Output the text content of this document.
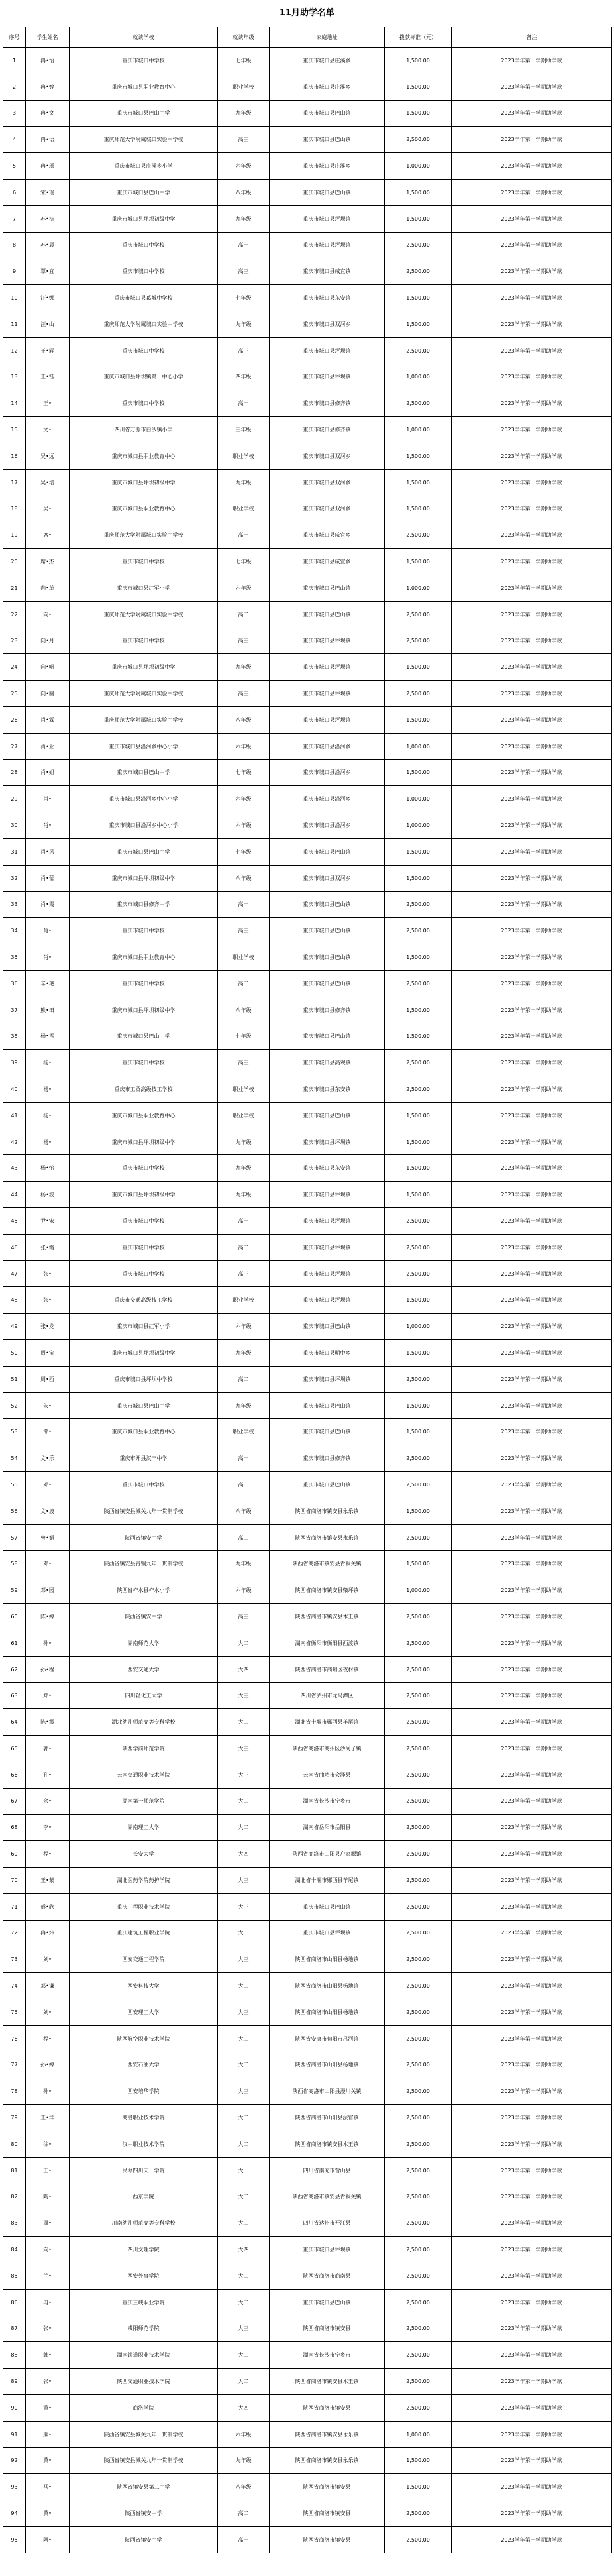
11月助学名单
序号	学生姓名	就读学校	就读年级	家庭地址	拨款标准（元）	备注
1	冉•怡	重庆市城口中学校	七年级	重庆市城口县庄溪乡	1,500.00	2023学年第一学期助学款
2	冉•婷	重庆市城口县职业教育中心	职业学校	重庆市城口县庄溪乡	1,500.00	2023学年第一学期助学款
3	冉•文	重庆市城口县巴山中学	九年级	重庆市城口县巴山镇	1,500.00	2023学年第一学期助学款
4	冉•语	重庆师范大学附属城口实验中学校	高三	重庆市城口县巴山镇	2,500.00	2023学年第一学期助学款
5	冉•瑶	重庆市城口县庄溪乡小学	六年级	重庆市城口县庄溪乡	1,000.00	2023学年第一学期助学款
6	宋•瑶	重庆市城口县巴山中学	八年级	重庆市城口县巴山镇	1,500.00	2023学年第一学期助学款
7	苏•杭	重庆市城口县坪坝初级中学	九年级	重庆市城口县坪坝镇	1,500.00	2023学年第一学期助学款
8	苏•晨	重庆市城口中学校	高一	重庆市城口县坪坝镇	2,500.00	2023学年第一学期助学款
9	覃•宜	重庆市城口中学校	高三	重庆市城口县咸宜镇	2,500.00	2023学年第一学期助学款
10	汪•娜	重庆市城口县葛城中学校	七年级	重庆市城口县东安镇	1,500.00	2023学年第一学期助学款
11	汪•山	重庆师范大学附属城口实验中学校	九年级	重庆市城口县双河乡	1,500.00	2023学年第一学期助学款
12	王•辉	重庆市城口中学校	高三	重庆市城口县坪坝镇	2,500.00	2023学年第一学期助学款
13	王•钰	重庆市城口县坪坝镇第一中心小学	四年级	重庆市城口县坪坝镇	1,000.00	2023学年第一学期助学款
14	王•	重庆市城口中学校	高一	重庆市城口县修齐镇	2,500.00	2023学年第一学期助学款
15	文•	四川省万源市白沙镇小学	三年级	重庆市城口县修齐镇	1,000.00	2023学年第一学期助学款
16	吴•远	重庆市城口县职业教育中心	职业学校	重庆市城口县双河乡	1,500.00	2023学年第一学期助学款
17	吴•培	重庆市城口县坪坝初级中学	九年级	重庆市城口县双河乡	1,500.00	2023学年第一学期助学款
18	吴•	重庆市城口县职业教育中心	职业学校	重庆市城口县双河乡	1,500.00	2023学年第一学期助学款
19	席•	重庆师范大学附属城口实验中学校	高一	重庆市城口县咸宜乡	2,500.00	2023学年第一学期助学款
20	席•杰	重庆市城口中学校	七年级	重庆市城口县咸宜乡	1,500.00	2023学年第一学期助学款
21	向•单	重庆市城口县红军小学	六年级	重庆市城口县巴山镇	1,000.00	2023学年第一学期助学款
22	向•	重庆师范大学附属城口实验中学校	高二	重庆市城口县巴山镇	2,500.00	2023学年第一学期助学款
23	向•月	重庆市城口中学校	高三	重庆市城口县坪坝镇	2,500.00	2023学年第一学期助学款
24	向•帆	重庆市城口县坪坝初级中学	九年级	重庆市城口县坪坝镇	1,500.00	2023学年第一学期助学款
25	向•圆	重庆师范大学附属城口实验中学校	高三	重庆市城口县坪坝镇	2,500.00	2023学年第一学期助学款
26	肖•霖	重庆师范大学附属城口实验中学校	八年级	重庆市城口县坪坝镇	1,500.00	2023学年第一学期助学款
27	肖•亚	重庆市城口县沿河乡中心小学	六年级	重庆市城口县沿河乡	1,000.00	2023学年第一学期助学款
28	肖•姐	重庆市城口县巴山中学	七年级	重庆市城口县沿河乡	1,500.00	2023学年第一学期助学款
29	肖•	重庆市城口县沿河乡中心小学	六年级	重庆市城口县沿河乡	1,000.00	2023学年第一学期助学款
30	肖•	重庆市城口县沿河乡中心小学	六年级	重庆市城口县沿河乡	1,000.00	2023学年第一学期助学款
31	肖•风	重庆市城口县巴山中学	七年级	重庆市城口县巴山镇	1,500.00	2023学年第一学期助学款
32	肖•蕾	重庆市城口县坪坝初级中学	八年级	重庆市城口县双河乡	1,500.00	2023学年第一学期助学款
33	肖•霞	重庆市城口县修齐中学	高一	重庆市城口县巴山镇	2,500.00	2023学年第一学期助学款
34	肖•	重庆市城口中学校	高三	重庆市城口县巴山镇	2,500.00	2023学年第一学期助学款
35	肖•	重庆市城口县职业教育中心	职业学校	重庆市城口县巴山镇	1,500.00	2023学年第一学期助学款
36	辛•艳	重庆市城口中学校	高二	重庆市城口县巴山镇	2,500.00	2023学年第一学期助学款
37	熊•田	重庆市城口县坪坝初级中学	八年级	重庆市城口县修齐镇	1,500.00	2023学年第一学期助学款
38	杨•雪	重庆市城口县巴山中学	七年级	重庆市城口县巴山镇	1,500.00	2023学年第一学期助学款
39	杨•	重庆市城口中学校	高三	重庆市城口县高观镇	2,500.00	2023学年第一学期助学款
40	杨•	重庆市工贸高级技工学校	职业学校	重庆市城口县东安镇	2,500.00	2023学年第一学期助学款
41	杨•	重庆市城口县职业教育中心	职业学校	重庆市城口县巴山镇	1,500.00	2023学年第一学期助学款
42	杨•	重庆市城口县坪坝初级中学	九年级	重庆市城口县坪坝镇	1,500.00	2023学年第一学期助学款
43	杨•怡	重庆市城口中学校	九年级	重庆市城口县东安镇	1,500.00	2023学年第一学期助学款
44	杨•波	重庆市城口县坪坝初级中学	九年级	重庆市城口县坪坝镇	1,500.00	2023学年第一学期助学款
45	尹•宋	重庆市城口中学校	高一	重庆市城口县坪坝镇	2,500.00	2023学年第一学期助学款
46	张•霞	重庆市城口中学校	高二	重庆市城口县坪坝镇	2,500.00	2023学年第一学期助学款
47	张•	重庆市城口中学校	高三	重庆市城口县坪坝镇	2,500.00	2023学年第一学期助学款
48	张•	重庆市交通高级技工学校	职业学校	重庆市城口县坪坝镇	1,500.00	2023学年第一学期助学款
49	张•龙	重庆市城口县红军小学	六年级	重庆市城口县巴山镇	1,000.00	2023学年第一学期助学款
50	周•宝	重庆市城口县坪坝初级中学	九年级	重庆市城口县明中乡	1,500.00	2023学年第一学期助学款
51	周•西	重庆市城口县坪坝中学校	高二	重庆市城口县坪坝镇	2,500.00	2023学年第一学期助学款
52	朱•	重庆市城口县巴山中学	九年级	重庆市城口县巴山镇	1,500.00	2023学年第一学期助学款
53	邹•	重庆市城口县职业教育中心	职业学校	重庆市城口县巴山镇	1,500.00	2023学年第一学期助学款
54	文•乐	重庆市开县汉丰中学	高一	重庆市城口县修齐镇	2,500.00	2023学年第一学期助学款
55	邓•	重庆市城口中学校	高二	重庆市城口县巴山镇	2,500.00	2023学年第一学期助学款
56	文•波	陕西省镇安县城关九年一贯制学校	八年级	陕西省商洛市镇安县永乐镇	1,500.00	2023学年第一学期助学款
57	曾•娟	陕西省镇安中学	高二	陕西省商洛市镇安县永乐镇	2,500.00	2023学年第一学期助学款
58	邓•	陕西省镇安县青铜九年一贯制学校	九年级	陕西省商洛市镇安县青铜关镇	1,500.00	2023学年第一学期助学款
59	邓•园	陕西省柞水县柞水小学	六年级	陕西省商洛市镇安县柴坪镇	1,000.00	2023学年第一学期助学款
60	陈•婷	陕西省镇安中学	高三	陕西省商洛市镇安县木王镇	2,500.00	2023学年第一学期助学款
61	孙•	湖南师范大学	大二	湖南省衡阳市衡阳县西渡镇	2,500.00	2023学年第一学期助学款
62	孙•程	西安交通大学	大四	陕西省商洛市商州区夜村镇	2,500.00	2023学年第一学期助学款
63	郑•	四川轻化工大学	大三	四川省泸州市龙马潭区	2,500.00	2023学年第一学期助学款
64	陈•霞	湖北幼儿师范高等专科学校	大二	湖北省十堰市郧西县羊尾镇	2,500.00	2023学年第一学期助学款
65	郭•	陕西学前师范学院	大三	陕西省商洛市商州区沙河子镇	2,500.00	2023学年第一学期助学款
66	孔•	云南交通职业技术学院	大三	云南省曲靖市会泽县	2,500.00	2023学年第一学期助学款
67	余•	湖南第一师范学院	大二	湖南省长沙市宁乡市	2,500.00	2023学年第一学期助学款
68	李•	湖南理工大学	大二	湖南省岳阳市岳阳县	2,500.00	2023学年第一学期助学款
69	程•	长安大学	大四	陕西省商洛市山阳县户家塬镇	2,500.00	2023学年第一学期助学款
70	王•蒙	湖北医药学院药护学院	大三	湖北省十堰市郧西县羊尾镇	2,500.00	2023学年第一学期助学款
71	彭•欣	重庆工程职业技术学院	大三	重庆市城口县巴山镇	2,500.00	2023学年第一学期助学款
72	冉•炜	重庆建筑工程职业学院	大二	重庆市城口县坪坝镇	2,500.00	2023学年第一学期助学款
73	刘•	西安交通工程学院	大三	陕西省商洛市山阳县杨地镇	2,500.00	2023学年第一学期助学款
74	邓•谦	西安科技大学	大二	陕西省商洛市山阳县杨地镇	2,500.00	2023学年第一学期助学款
75	刘•	西安理工大学	大三	陕西省商洛市山阳县杨地镇	2,500.00	2023学年第一学期助学款
76	程•	陕西航空职业技术学院	大二	陕西省安康市旬阳市吕河镇	2,500.00	2023学年第一学期助学款
77	孙•婷	西安石油大学	大二	陕西省商洛市山阳县杨地镇	2,500.00	2023学年第一学期助学款
78	孙•	西安培华学院	大三	陕西省商洛市山阳县漫川关镇	2,500.00	2023学年第一学期助学款
79	王•洋	商洛职业技术学院	大二	陕西省商洛市山阳县法官镇	2,500.00	2023学年第一学期助学款
80	徐•	汉中职业技术学院	大二	陕西省商洛市镇安县木王镇	2,500.00	2023学年第一学期助学款
81	王•	民办四川天一学院	大一	四川省南充市营山县	2,500.00	2023学年第一学期助学款
82	陶•	西京学院	大二	陕西省商洛市镇安县青铜关镇	2,500.00	2023学年第一学期助学款
83	周•	川南幼儿师范高等专科学校	大二	四川省达州市开江县	2,500.00	2023学年第一学期助学款
84	向•	四川文理学院	大四	重庆市城口县坪坝镇	2,500.00	2023学年第一学期助学款
85	兰•	西安外事学院	大二	陕西省商洛市商南县	2,500.00	2023学年第一学期助学款
86	冉•	重庆三峡职业学院	大二	重庆市城口县巴山镇	2,500.00	2023学年第一学期助学款
87	张•	咸阳师范学院	大三	陕西省商洛市镇安县	2,500.00	2023学年第一学期助学款
88	韩•	湖南铁道职业技术学院	大二	湖南省长沙市宁乡市	2,500.00	2023学年第一学期助学款
89	张•	陕西交通职业技术学院	大二	陕西省商洛市镇安县木王镇	2,500.00	2023学年第一学期助学款
90	黄•	商洛学院	大四	陕西省商洛市镇安县	2,500.00	2023学年第一学期助学款
91	熊•	陕西省镇安县城关九年一贯制学校	六年级	陕西省商洛市镇安县永乐镇	1,000.00	2023学年第一学期助学款
92	黄•	陕西省镇安县城关九年一贯制学校	九年级	陕西省商洛市镇安县永乐镇	1,500.00	2023学年第一学期助学款
93	马•	陕西省镇安县第二中学	八年级	陕西省商洛市镇安县	1,500.00	2023学年第一学期助学款
94	黄•	陕西省镇安中学	高二	陕西省商洛市镇安县	2,500.00	2023学年第一学期助学款
95	阿•	陕西省镇安中学	高一	陕西省商洛市镇安县	2,500.00	2023学年第一学期助学款
